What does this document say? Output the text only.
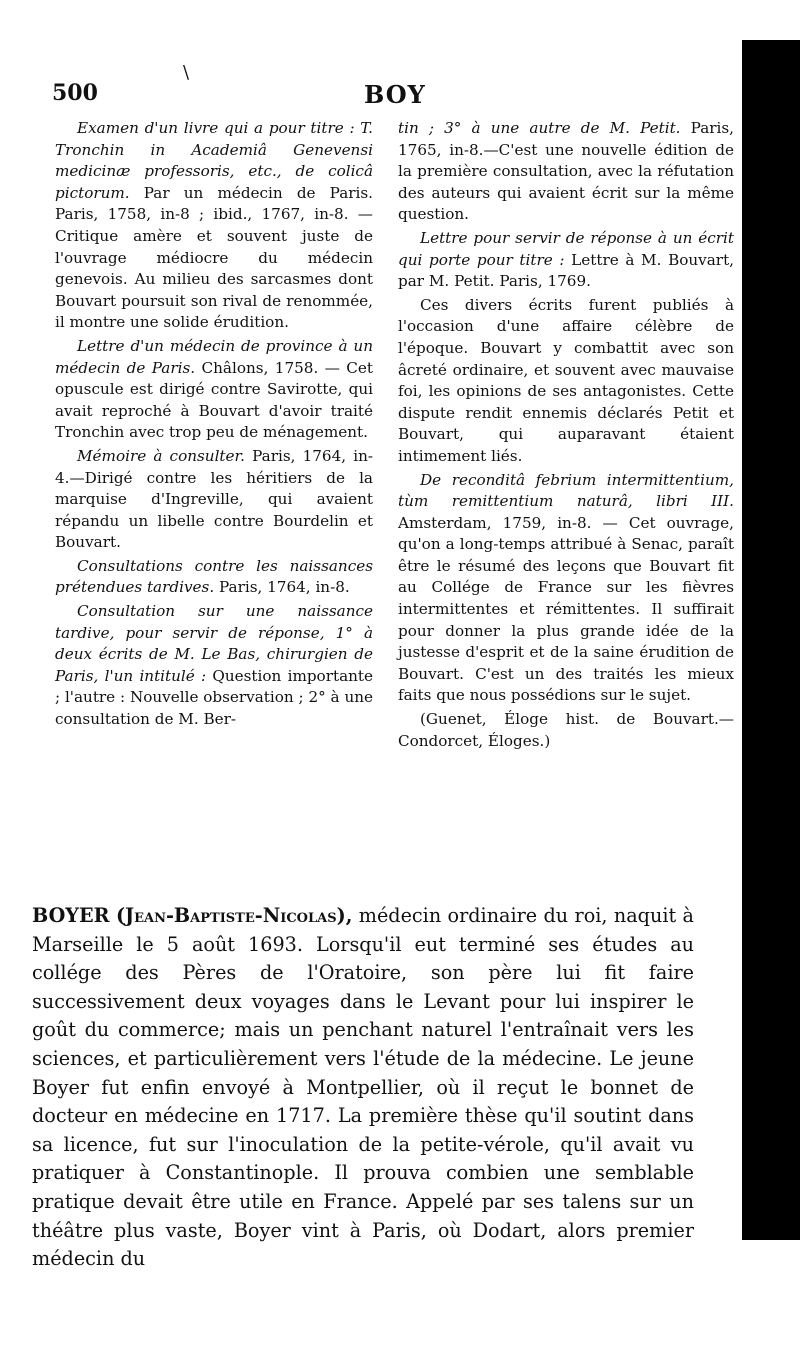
\
500	BOY

Examen d'un livre qui a pour titre : T. Tronchin in Academiâ Genevensi medicinæ professoris, etc., de colicâ pictorum. Par un médecin de Paris. Paris, 1758, in-8 ; ibid., 1767, in-8. — Critique amère et souvent juste de l'ouvrage médiocre du médecin genevois. Au milieu des sarcasmes dont Bouvart poursuit son rival de renommée, il montre une solide érudition.

Lettre d'un médecin de province à un médecin de Paris. Châlons, 1758. — Cet opuscule est dirigé contre Savirotte, qui avait reproché à Bouvart d'avoir traité Tronchin avec trop peu de ménagement.

Mémoire à consulter. Paris, 1764, in-4.—Dirigé contre les héritiers de la marquise d'Ingreville, qui avaient répandu un libelle contre Bourdelin et Bouvart.

Consultations contre les naissances prétendues tardives. Paris, 1764, in-8.

Consultation sur une naissance tardive, pour servir de réponse, 1° à deux écrits de M. Le Bas, chirurgien de Paris, l'un intitulé : Question importante ; l'autre : Nouvelle observation ; 2° à une consultation de M. Ber-

tin ; 3° à une autre de M. Petit. Paris, 1765, in-8.—C'est une nouvelle édition de la première consultation, avec la réfutation des auteurs qui avaient écrit sur la même question.

Lettre pour servir de réponse à un écrit qui porte pour titre : Lettre à M. Bouvart, par M. Petit. Paris, 1769.

Ces divers écrits furent publiés à l'occasion d'une affaire célèbre de l'époque. Bouvart y combattit avec son âcreté ordinaire, et souvent avec mauvaise foi, les opinions de ses antagonistes. Cette dispute rendit ennemis déclarés Petit et Bouvart, qui auparavant étaient intimement liés.

De reconditâ febrium intermittentium, tùm remittentium naturâ, libri III. Amsterdam, 1759, in-8. — Cet ouvrage, qu'on a long-temps attribué à Senac, paraît être le résumé des leçons que Bouvart fit au Collége de France sur les fièvres intermittentes et rémittentes. Il suffirait pour donner la plus grande idée de la justesse d'esprit et de la saine érudition de Bouvart. C'est un des traités les mieux faits que nous possédions sur le sujet.

(Guenet, Éloge hist. de Bouvart.— Condorcet, Éloges.)

BOYER (Jean-Baptiste-Nicolas), médecin ordinaire du roi, naquit à Marseille le 5 août 1693. Lorsqu'il eut terminé ses études au collége des Pères de l'Oratoire, son père lui fit faire successivement deux voyages dans le Levant pour lui inspirer le goût du commerce; mais un penchant naturel l'entraînait vers les sciences, et particulièrement vers l'étude de la médecine. Le jeune Boyer fut enfin envoyé à Montpellier, où il reçut le bonnet de docteur en médecine en 1717. La première thèse qu'il soutint dans sa licence, fut sur l'inoculation de la petite-vérole, qu'il avait vu pratiquer à Constantinople. Il prouva combien une semblable pratique devait être utile en France. Appelé par ses talens sur un théâtre plus vaste, Boyer vint à Paris, où Dodart, alors premier médecin du
